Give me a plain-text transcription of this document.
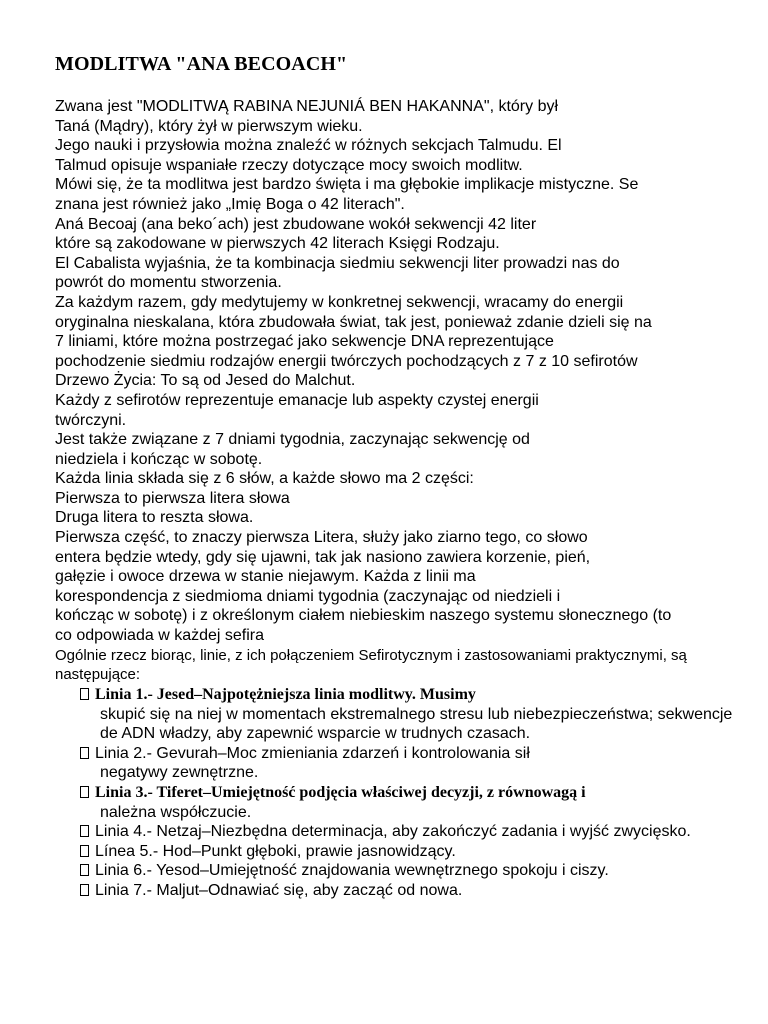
MODLITWA "ANA BECOACH"
Zwana jest "MODLITWĄ RABINA NEJUNIÁ BEN HAKANNA", który był
Taná (Mądry), który żył w pierwszym wieku.
Jego nauki i przysłowia można znaleźć w różnych sekcjach Talmudu. El
Talmud opisuje wspaniałe rzeczy dotyczące mocy swoich modlitw.
Mówi się, że ta modlitwa jest bardzo święta i ma głębokie implikacje mistyczne. Se
znana jest również jako „Imię Boga o 42 literach".
Aná Becoaj (ana beko´ach) jest zbudowane wokół sekwencji 42 liter
które są zakodowane w pierwszych 42 literach Księgi Rodzaju.
El Cabalista wyjaśnia, że ta kombinacja siedmiu sekwencji liter prowadzi nas do
powrót do momentu stworzenia.
Za każdym razem, gdy medytujemy w konkretnej sekwencji, wracamy do energii
oryginalna nieskalana, która zbudowała świat, tak jest, ponieważ zdanie dzieli się na
7 liniami, które można postrzegać jako sekwencje DNA reprezentujące
pochodzenie siedmiu rodzajów energii twórczych pochodzących z 7 z 10 sefirotów
Drzewo Życia: To są od Jesed do Malchut.
Każdy z sefirotów reprezentuje emanacje lub aspekty czystej energii
twórczyni.
Jest także związane z 7 dniami tygodnia, zaczynając sekwencję od
niedziela i kończąc w sobotę.
Każda linia składa się z 6 słów, a każde słowo ma 2 części:
Pierwsza to pierwsza litera słowa
Druga litera to reszta słowa.
Pierwsza część, to znaczy pierwsza Litera, służy jako ziarno tego, co słowo
entera będzie wtedy, gdy się ujawni, tak jak nasiono zawiera korzenie, pień,
gałęzie i owoce drzewa w stanie niejawym. Każda z linii ma
korespondencja z siedmioma dniami tygodnia (zaczynając od niedzieli i
kończąc w sobotę) i z określonym ciałem niebieskim naszego systemu słonecznego (to
co odpowiada w każdej sefira
Ogólnie rzecz biorąc, linie, z ich połączeniem Sefirotycznym i zastosowaniami praktycznymi, są
następujące:
Linia 1.- Jesed–Najpotężniejsza linia modlitwy. Musimy
skupić się na niej w momentach ekstremalnego stresu lub niebezpieczeństwa; sekwencje
de ADN władzy, aby zapewnić wsparcie w trudnych czasach.
Linia 2.- Gevurah–Moc zmieniania zdarzeń i kontrolowania sił
negatywy zewnętrzne.
Linia 3.- Tiferet–Umiejętność podjęcia właściwej decyzji, z równowagą i
należna współczucie.
Linia 4.- Netzaj–Niezbędna determinacja, aby zakończyć zadania i wyjść zwycięsko.
Línea 5.- Hod–Punkt głęboki, prawie jasnowidzący.
Linia 6.- Yesod–Umiejętność znajdowania wewnętrznego spokoju i ciszy.
Linia 7.- Maljut–Odnawiać się, aby zacząć od nowa.
